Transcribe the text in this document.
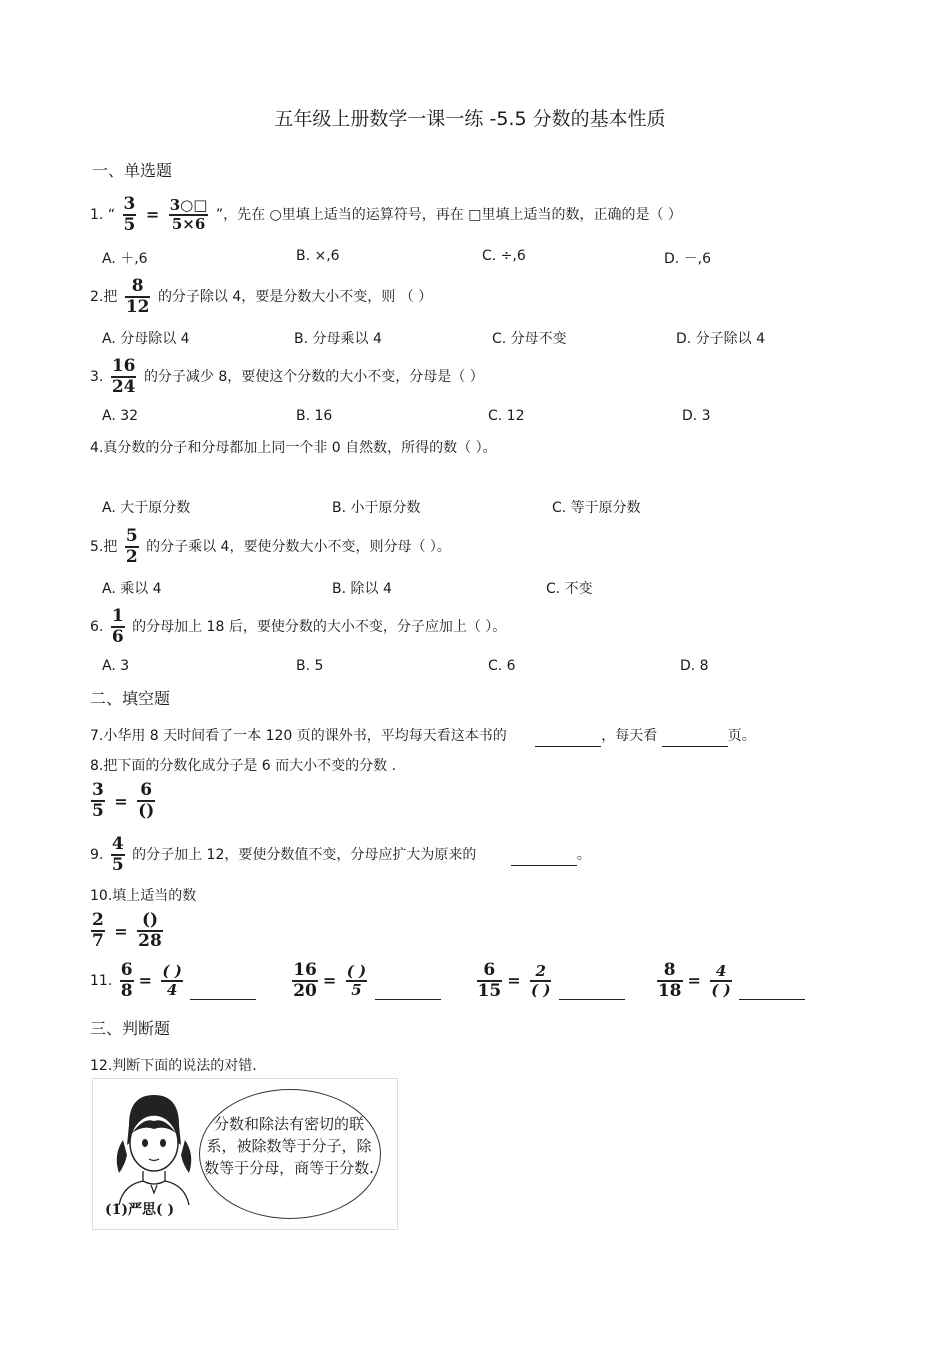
五年级上册数学一课一练 -5.5 分数的基本性质
一、单选题
1. “ $\frac{3}{5} = \frac{3○□}{5\times 6}$ ”，先在 ○里填上适当的运算符号，再在 □里填上适当的数，正确的是（ ）
A. ＋,6	B. ×,6	C. ÷,6	D. －,6
2.把 $\frac{8}{12}$ 的分子除以 4，要是分数大小不变，则 （ ）
A. 分母除以 4	B. 分母乘以 4	C. 分母不变	D. 分子除以 4
3. $\frac{16}{24}$ 的分子减少 8，要使这个分数的大小不变，分母是（ ）
A. 32	B. 16	C. 12	D. 3
4.真分数的分子和分母都加上同一个非 0 自然数，所得的数（ ）。
A. 大于原分数	B. 小于原分数	C. 等于原分数
5.把 $\frac{5}{2}$ 的分子乘以 4，要使分数大小不变，则分母（ ）。
A. 乘以 4	B. 除以 4	C. 不变
6. $\frac{1}{6}$ 的分母加上 18 后，要使分数的大小不变，分子应加上（ ）。
A. 3	B. 5	C. 6	D. 8
二、填空题
7.小华用 8 天时间看了一本 120 页的课外书，平均每天看这本书的	，每天看	页。
8.把下面的分数化成分子是 6 而大小不变的分数 .
$\frac{3}{5} = \frac{6}{()}$
9. $\frac{4}{5}$ 的分子加上 12，要使分数值不变，分母应扩大为原来的	。
10.填上适当的数
$\frac{2}{7} = \frac{()}{28}$
11. $\frac{6}{8} = \frac{( )}{4}$
	$\frac{16}{20} = \frac{( )}{5}$
	$\frac{6}{15} = \frac{2}{( )}$
	$\frac{8}{18} = \frac{4}{( )}$

三、判断题
12.判断下面的说法的对错.
分数和除法有密切的联系，被除数等于分子，除数等于分母，商等于分数.
(1)严思( )
